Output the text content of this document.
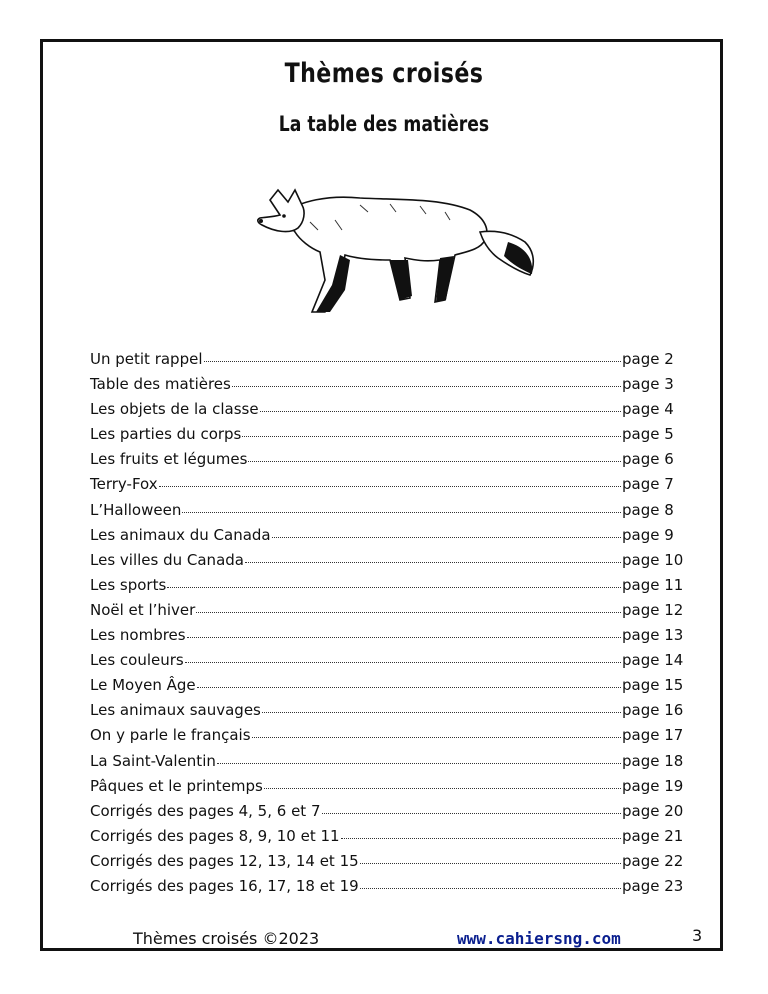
Thèmes croisés
La table des matières
Un petit rappel	page 2
Table des matières	page 3
Les objets de la classe	page 4
Les parties du corps	page 5
Les fruits et légumes	page 6
Terry-Fox	page 7
L’Halloween	page 8
Les animaux du Canada	page 9
Les villes du Canada	page 10
Les sports	page 11
Noël et l’hiver	page 12
Les nombres	page 13
Les couleurs	page 14
Le Moyen Âge	page 15
Les animaux sauvages	page 16
On y parle le français	page 17
La Saint-Valentin	page 18
Pâques et le printemps	page 19
Corrigés des pages 4, 5, 6 et 7	page 20
Corrigés des pages 8, 9, 10 et 11	page 21
Corrigés des pages 12, 13, 14 et 15	page 22
Corrigés des pages 16, 17, 18 et 19	page 23
Thèmes croisés ©2023	www.cahiersng.com	3
